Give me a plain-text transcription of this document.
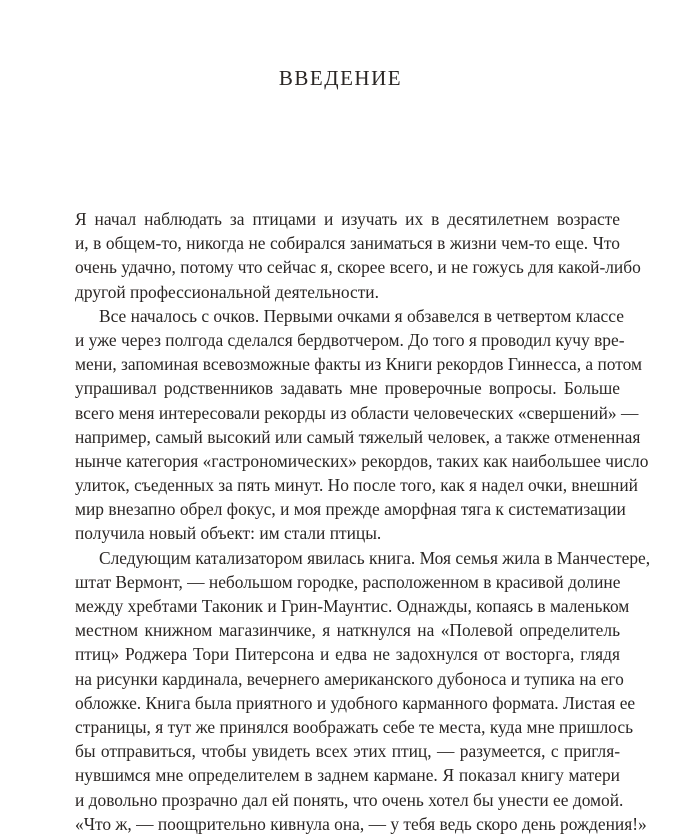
ВВЕДЕНИЕ
Я начал наблюдать за птицами и изучать их в десятилетнем возрасте
и, в общем-то, никогда не собирался заниматься в жизни чем-то еще. Что
очень удачно, потому что сейчас я, скорее всего, и не гожусь для какой-либо
другой профессиональной деятельности.
Все началось с очков. Первыми очками я обзавелся в четвертом классе
и уже через полгода сделался бердвотчером. До того я проводил кучу вре-
мени, запоминая всевозможные факты из Книги рекордов Гиннесса, а потом
упрашивал родственников задавать мне проверочные вопросы. Больше
всего меня интересовали рекорды из области человеческих «свершений» —
например, самый высокий или самый тяжелый человек, а также отмененная
нынче категория «гастрономических» рекордов, таких как наибольшее число
улиток, съеденных за пять минут. Но после того, как я надел очки, внешний
мир внезапно обрел фокус, и моя прежде аморфная тяга к систематизации
получила новый объект: им стали птицы.
Следующим катализатором явилась книга. Моя семья жила в Манчестере,
штат Вермонт, — небольшом городке, расположенном в красивой долине
между хребтами Таконик и Грин-Маунтис. Однажды, копаясь в маленьком
местном книжном магазинчике, я наткнулся на «Полевой определитель
птиц» Роджера Тори Питерсона и едва не задохнулся от восторга, глядя
на рисунки кардинала, вечернего американского дубоноса и тупика на его
обложке. Книга была приятного и удобного карманного формата. Листая ее
страницы, я тут же принялся воображать себе те места, куда мне пришлось
бы отправиться, чтобы увидеть всех этих птиц, — разумеется, с пригля-
нувшимся мне определителем в заднем кармане. Я показал книгу матери
и довольно прозрачно дал ей понять, что очень хотел бы унести ее домой.
«Что ж, — поощрительно кивнула она, — у тебя ведь скоро день рождения!»
